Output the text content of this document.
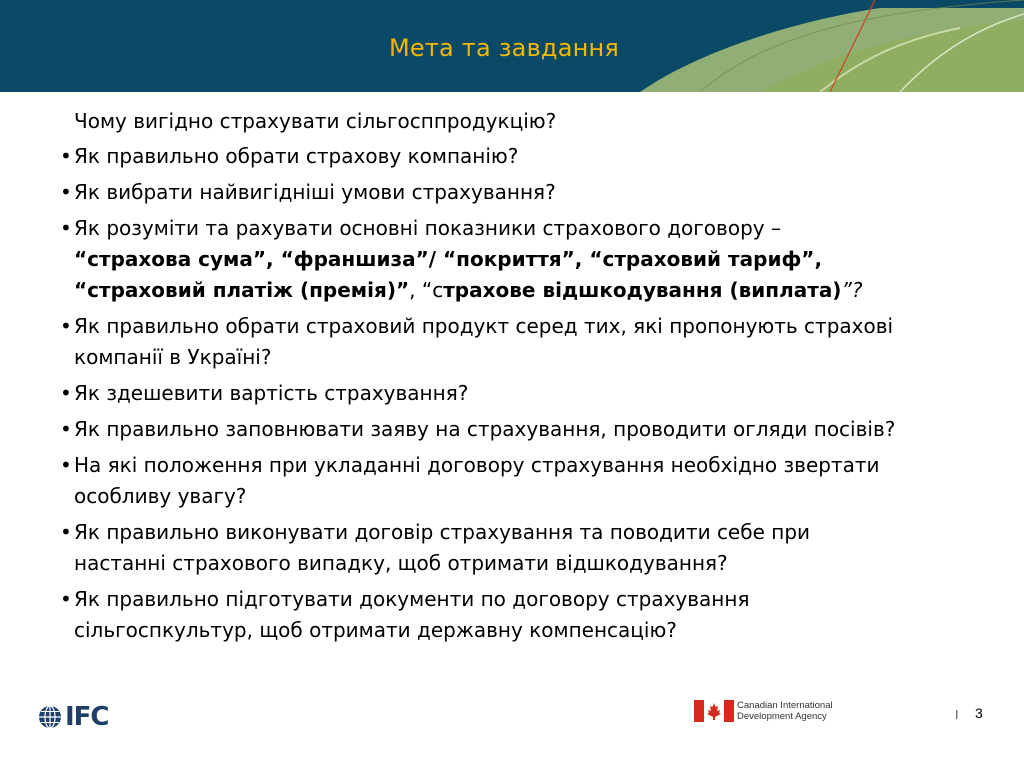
Мета та завдання
Чому вигідно страхувати сільгосппродукцію?
• Як правильно обрати страхову компанію?
• Як вибрати найвигідніші умови страхування?
• Як розуміти та рахувати основні показники страхового договору –
“страхова сума”, “франшиза”/ “покриття”, “страховий тариф”,
“страховий платіж (премія)”, “страхове відшкодування (виплата)”?
• Як правильно обрати страховий продукт серед тих, які пропонують страхові
компанії в Україні?
• Як здешевити вартість страхування?
• Як правильно заповнювати заяву на страхування, проводити огляди посівів?
• На які положення при укладанні договору страхування необхідно звертати
особливу увагу?
• Як правильно виконувати договір страхування та поводити себе при
настанні страхового випадку, щоб отримати відшкодування?
• Як правильно підготувати документи по договору страхування
сільгоспкультур, щоб отримати державну компенсацію?
IFC	Canadian International
Development Agency	I 3
